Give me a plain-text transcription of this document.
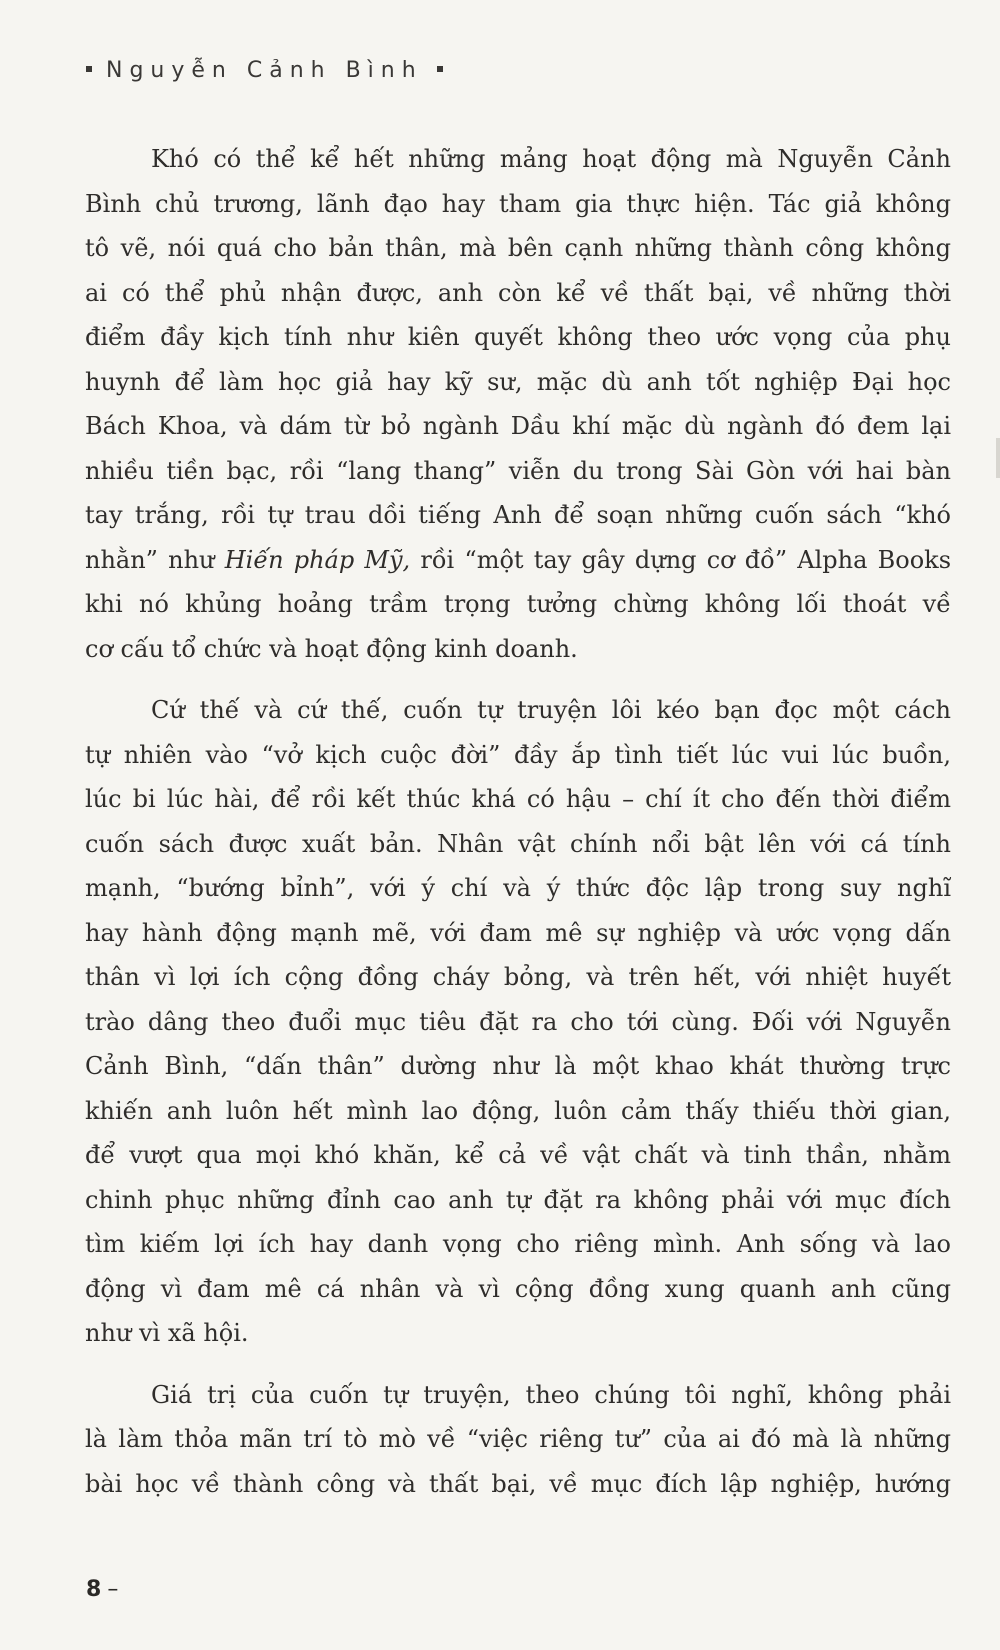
Nguyễn Cảnh Bình
Khó có thể kể hết những mảng hoạt động mà Nguyễn Cảnh
Bình chủ trương, lãnh đạo hay tham gia thực hiện. Tác giả không
tô vẽ, nói quá cho bản thân, mà bên cạnh những thành công không
ai có thể phủ nhận được, anh còn kể về thất bại, về những thời
điểm đầy kịch tính như kiên quyết không theo ước vọng của phụ
huynh để làm học giả hay kỹ sư, mặc dù anh tốt nghiệp Đại học
Bách Khoa, và dám từ bỏ ngành Dầu khí mặc dù ngành đó đem lại
nhiều tiền bạc, rồi “lang thang” viễn du trong Sài Gòn với hai bàn
tay trắng, rồi tự trau dồi tiếng Anh để soạn những cuốn sách “khó
nhằn” như Hiến pháp Mỹ, rồi “một tay gây dựng cơ đồ” Alpha Books
khi nó khủng hoảng trầm trọng tưởng chừng không lối thoát về
cơ cấu tổ chức và hoạt động kinh doanh.
Cứ thế và cứ thế, cuốn tự truyện lôi kéo bạn đọc một cách
tự nhiên vào “vở kịch cuộc đời” đầy ắp tình tiết lúc vui lúc buồn,
lúc bi lúc hài, để rồi kết thúc khá có hậu – chí ít cho đến thời điểm
cuốn sách được xuất bản. Nhân vật chính nổi bật lên với cá tính
mạnh, “bướng bỉnh”, với ý chí và ý thức độc lập trong suy nghĩ
hay hành động mạnh mẽ, với đam mê sự nghiệp và ước vọng dấn
thân vì lợi ích cộng đồng cháy bỏng, và trên hết, với nhiệt huyết
trào dâng theo đuổi mục tiêu đặt ra cho tới cùng. Đối với Nguyễn
Cảnh Bình, “dấn thân” dường như là một khao khát thường trực
khiến anh luôn hết mình lao động, luôn cảm thấy thiếu thời gian,
để vượt qua mọi khó khăn, kể cả về vật chất và tinh thần, nhằm
chinh phục những đỉnh cao anh tự đặt ra không phải với mục đích
tìm kiếm lợi ích hay danh vọng cho riêng mình. Anh sống và lao
động vì đam mê cá nhân và vì cộng đồng xung quanh anh cũng
như vì xã hội.
Giá trị của cuốn tự truyện, theo chúng tôi nghĩ, không phải
là làm thỏa mãn trí tò mò về “việc riêng tư” của ai đó mà là những
bài học về thành công và thất bại, về mục đích lập nghiệp, hướng
8 –
